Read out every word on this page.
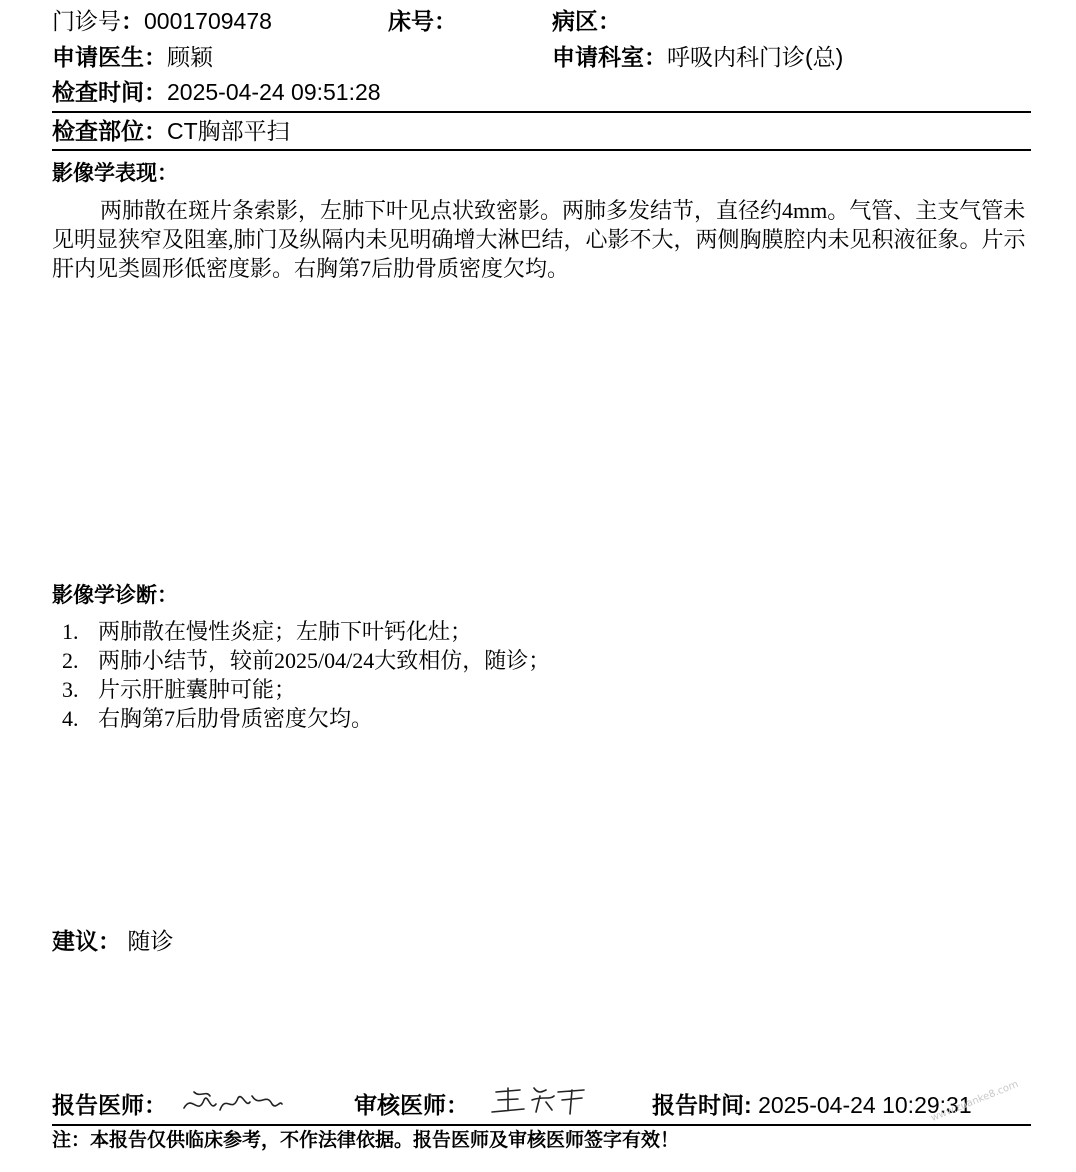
门诊号：0001709478	床号：	病区：
申请医生：顾颖	申请科室：呼吸内科门诊(总)
检查时间：2025-04-24 09:51:28
检查部位：CT胸部平扫
影像学表现：
两肺散在斑片条索影，左肺下叶见点状致密影。两肺多发结节，直径约4mm。气管、主支气管未见明显狭窄及阻塞,肺门及纵隔内未见明确增大淋巴结，心影不大，两侧胸膜腔内未见积液征象。片示肝内见类圆形低密度影。右胸第7后肋骨质密度欠均。
影像学诊断：
1. 两肺散在慢性炎症；左肺下叶钙化灶；
2. 两肺小结节，较前2025/04/24大致相仿，随诊；
3. 片示肝脏囊肿可能；
4. 右胸第7后肋骨质密度欠均。
建议： 随诊
报告医师：	审核医师：	报告时间: 2025-04-24 10:29:31
注：本报告仅供临床参考，不作法律依据。报告医师及审核医师签字有效！
www.zuanke8.com
